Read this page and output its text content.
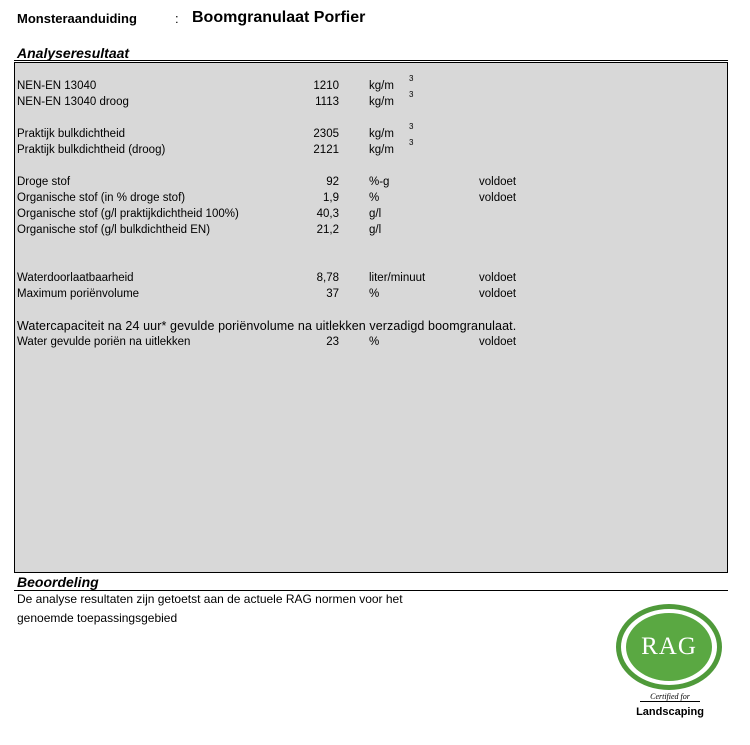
Monsteraanduiding	: Boomgranulaat Porfier
Analyseresultaat
NEN-EN 13040	1210	kg/m
3
NEN-EN 13040 droog	1113	kg/m
3
Praktijk bulkdichtheid	2305	kg/m
3
Praktijk bulkdichtheid (droog)	2121	kg/m
3
Droge stof	92	%-g	voldoet
Organische stof (in % droge stof)	1,9	%	voldoet
Organische stof (g/l praktijkdichtheid 100%)	40,3	g/l
Organische stof (g/l bulkdichtheid EN)	21,2	g/l
Waterdoorlaatbaarheid	8,78	liter/minuut	voldoet
Maximum poriënvolume	37	%	voldoet
Watercapaciteit na 24 uur* gevulde poriënvolume na uitlekken verzadigd boomgranulaat.
Water gevulde poriën na uitlekken	23	%	voldoet
Beoordeling
De analyse resultaten zijn getoetst aan de actuele RAG normen voor het
genoemde toepassingsgebied
RAG
Certified for
Landscaping
